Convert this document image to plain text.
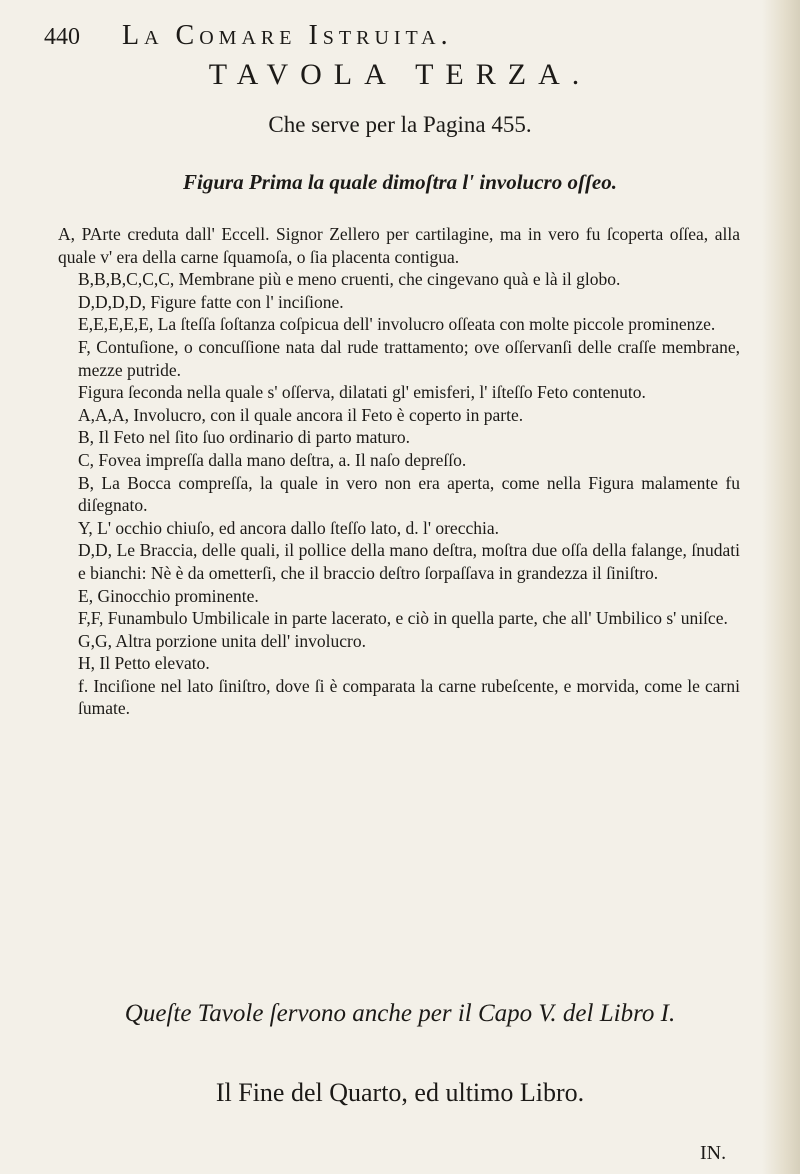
440 La Comare Istruita.
TAVOLA TERZA.
Che serve per la Pagina 455.
Figura Prima la quale dimoſtra l' involucro oſſeo.

A, PArte creduta dall' Eccell. Signor Zellero per cartilagine, ma in vero fu ſcoperta oſſea, alla quale v' era della carne ſquamoſa, o ſia placenta contigua.

B,B,B,C,C,C, Membrane più e meno cruenti, che cingevano quà e là il globo.

D,D,D,D, Figure fatte con l' inciſione.

E,E,E,E,E, La ſteſſa ſoſtanza coſpicua dell' involucro oſſeata con molte piccole prominenze.

F, Contuſione, o concuſſione nata dal rude trattamento; ove oſſervanſi delle craſſe membrane, mezze putride.

Figura ſeconda nella quale s' oſſerva, dilatati gl' emisferi, l' iſteſſo Feto contenuto.

A,A,A, Involucro, con il quale ancora il Feto è coperto in parte.

B, Il Feto nel ſito ſuo ordinario di parto maturo.

C, Fovea impreſſa dalla mano deſtra, a. Il naſo depreſſo.

B, La Bocca compreſſa, la quale in vero non era aperta, come nella Figura malamente fu diſegnato.

Y, L' occhio chiuſo, ed ancora dallo ſteſſo lato, d. l' orecchia.

D,D, Le Braccia, delle quali, il pollice della mano deſtra, moſtra due oſſa della falange, ſnudati e bianchi: Nè è da ometterſi, che il braccio deſtro ſorpaſſava in grandezza il ſiniſtro.

E, Ginocchio prominente.

F,F, Funambulo Umbilicale in parte lacerato, e ciò in quella parte, che all' Umbilico s' uniſce.

G,G, Altra porzione unita dell' involucro.

H, Il Petto elevato.

f. Inciſione nel lato ſiniſtro, dove ſi è comparata la carne rubeſcente, e morvida, come le carni ſumate.

Queſte Tavole ſervono anche per il Capo V. del Libro I.
Il Fine del Quarto, ed ultimo Libro.
IN.
